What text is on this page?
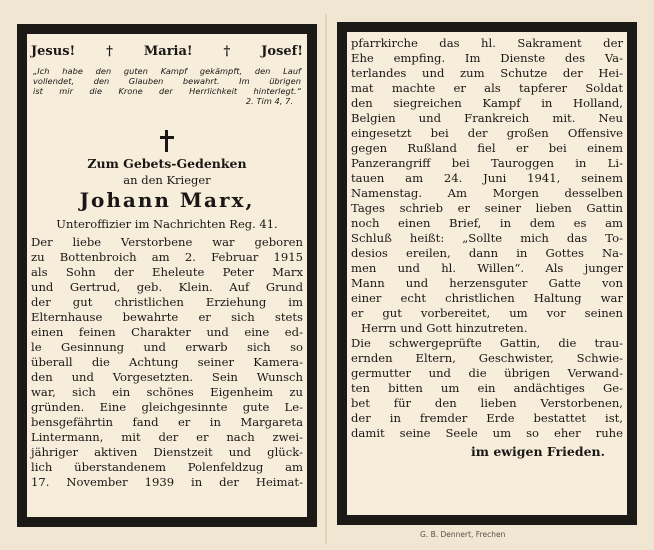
Jesus! † Maria! † Josef!
„Ich habe den guten Kampf gekämpft, den Lauf
vollendet, den Glauben bewahrt. Im übrigen
ist mir die Krone der Herrlichkeit hinterlegt.“
2. Tim 4, 7.
Zum Gebets-Gedenken
an den Krieger
Johann Marx,
Unteroffizier im Nachrichten Reg. 41.
Der liebe Verstorbene war geboren
zu Bottenbroich am 2. Februar 1915
als Sohn der Eheleute Peter Marx
und Gertrud, geb. Klein. Auf Grund
der gut christlichen Erziehung im
Elternhause bewahrte er sich stets
einen feinen Charakter und eine ed-
le Gesinnung und erwarb sich so
überall die Achtung seiner Kamera-
den und Vorgesetzten. Sein Wunsch
war, sich ein schönes Eigenheim zu
gründen. Eine gleichgesinnte gute Le-
bensgefährtin fand er in Margareta
Lintermann, mit der er nach zwei-
jähriger aktiven Dienstzeit und glück-
lich überstandenem Polenfeldzug am
17. November 1939 in der Heimat-
pfarrkirche das hl. Sakrament der
Ehe empfing. Im Dienste des Va-
terlandes und zum Schutze der Hei-
mat machte er als tapferer Soldat
den siegreichen Kampf in Holland,
Belgien und Frankreich mit. Neu
eingesetzt bei der großen Offensive
gegen Rußland fiel er bei einem
Panzerangriff bei Tauroggen in Li-
tauen am 24. Juni 1941, seinem
Namenstag. Am Morgen desselben
Tages schrieb er seiner lieben Gattin
noch einen Brief, in dem es am
Schluß heißt: „Sollte mich das To-
desios ereilen, dann in Gottes Na-
men und hl. Willen“. Als junger
Mann und herzensguter Gatte von
einer echt christlichen Haltung war
er gut vorbereitet, um vor seinen
Herrn und Gott hinzutreten.
Die schwergeprüfte Gattin, die trau-
ernden Eltern, Geschwister, Schwie-
germutter und die übrigen Verwand-
ten bitten um ein andächtiges Ge-
bet für den lieben Verstorbenen,
der in fremder Erde bestattet ist,
damit seine Seele um so eher ruhe
im ewigen Frieden.
G. B. Dennert, Frechen
